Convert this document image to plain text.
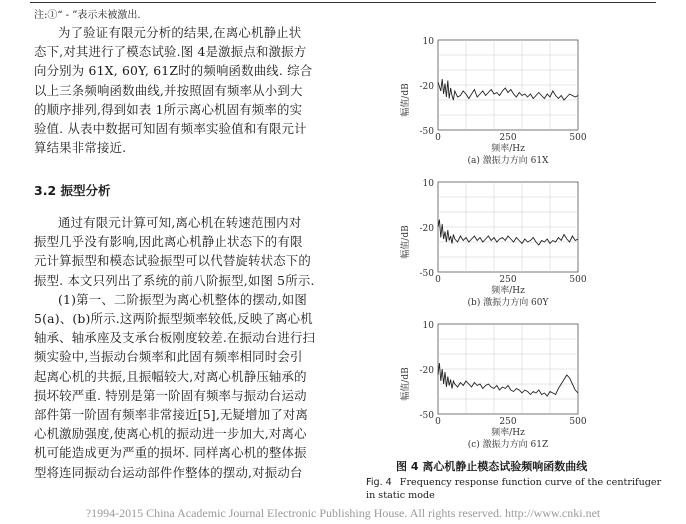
注:①“ - ”表示未被激出.
为了验证有限元分析的结果,在离心机静止状
态下,对其进行了模态试验.图 4是激振点和激振方
向分别为 61X, 60Y, 61Z时的频响函数曲线. 综合
以上三条频响函数曲线,并按照固有频率从小到大
的顺序排列,得到如表 1所示离心机固有频率的实
验值. 从表中数据可知固有频率实验值和有限元计
算结果非常接近.
3.2 振型分析
通过有限元计算可知,离心机在转速范围内对
振型几乎没有影响,因此离心机静止状态下的有限
元计算振型和模态试验振型可以代替旋转状态下的
振型. 本文只列出了系统的前八阶振型,如图 5所示.
(1)第一、二阶振型为离心机整体的摆动,如图
5(a)、(b)所示.这两阶振型频率较低,反映了离心机
轴承、轴承座及支承台板刚度较差.在振动台进行扫
频实验中,当振动台频率和此固有频率相同时会引
起离心机的共振,且振幅较大,对离心机静压轴承的
损坏较严重. 特别是第一阶固有频率与振动台运动
部件第一阶固有频率非常接近[5],无疑增加了对离
心机激励强度,使离心机的振动进一步加大,对离心
机可能造成更为严重的损坏. 同样离心机的整体振
型将连同振动台运动部件作整体的摆动,对振动台
幅值/dB
10
-20
-50
0	250	500
频率/Hz
(a) 激振力方向 61X
幅值/dB
10
-20
-50
0	250	500
频率/Hz
(b) 激振力方向 60Y
幅值/dB
10
-20
-50
0	250	500
频率/Hz
(c) 激振力方向 61Z
图 4 离心机静止模态试验频响函数曲线
Fig. 4 Frequency response function curve of the centrifuger in static mode
?1994-2015 China Academic Journal Electronic Publishing House. All rights reserved. http://www.cnki.net
